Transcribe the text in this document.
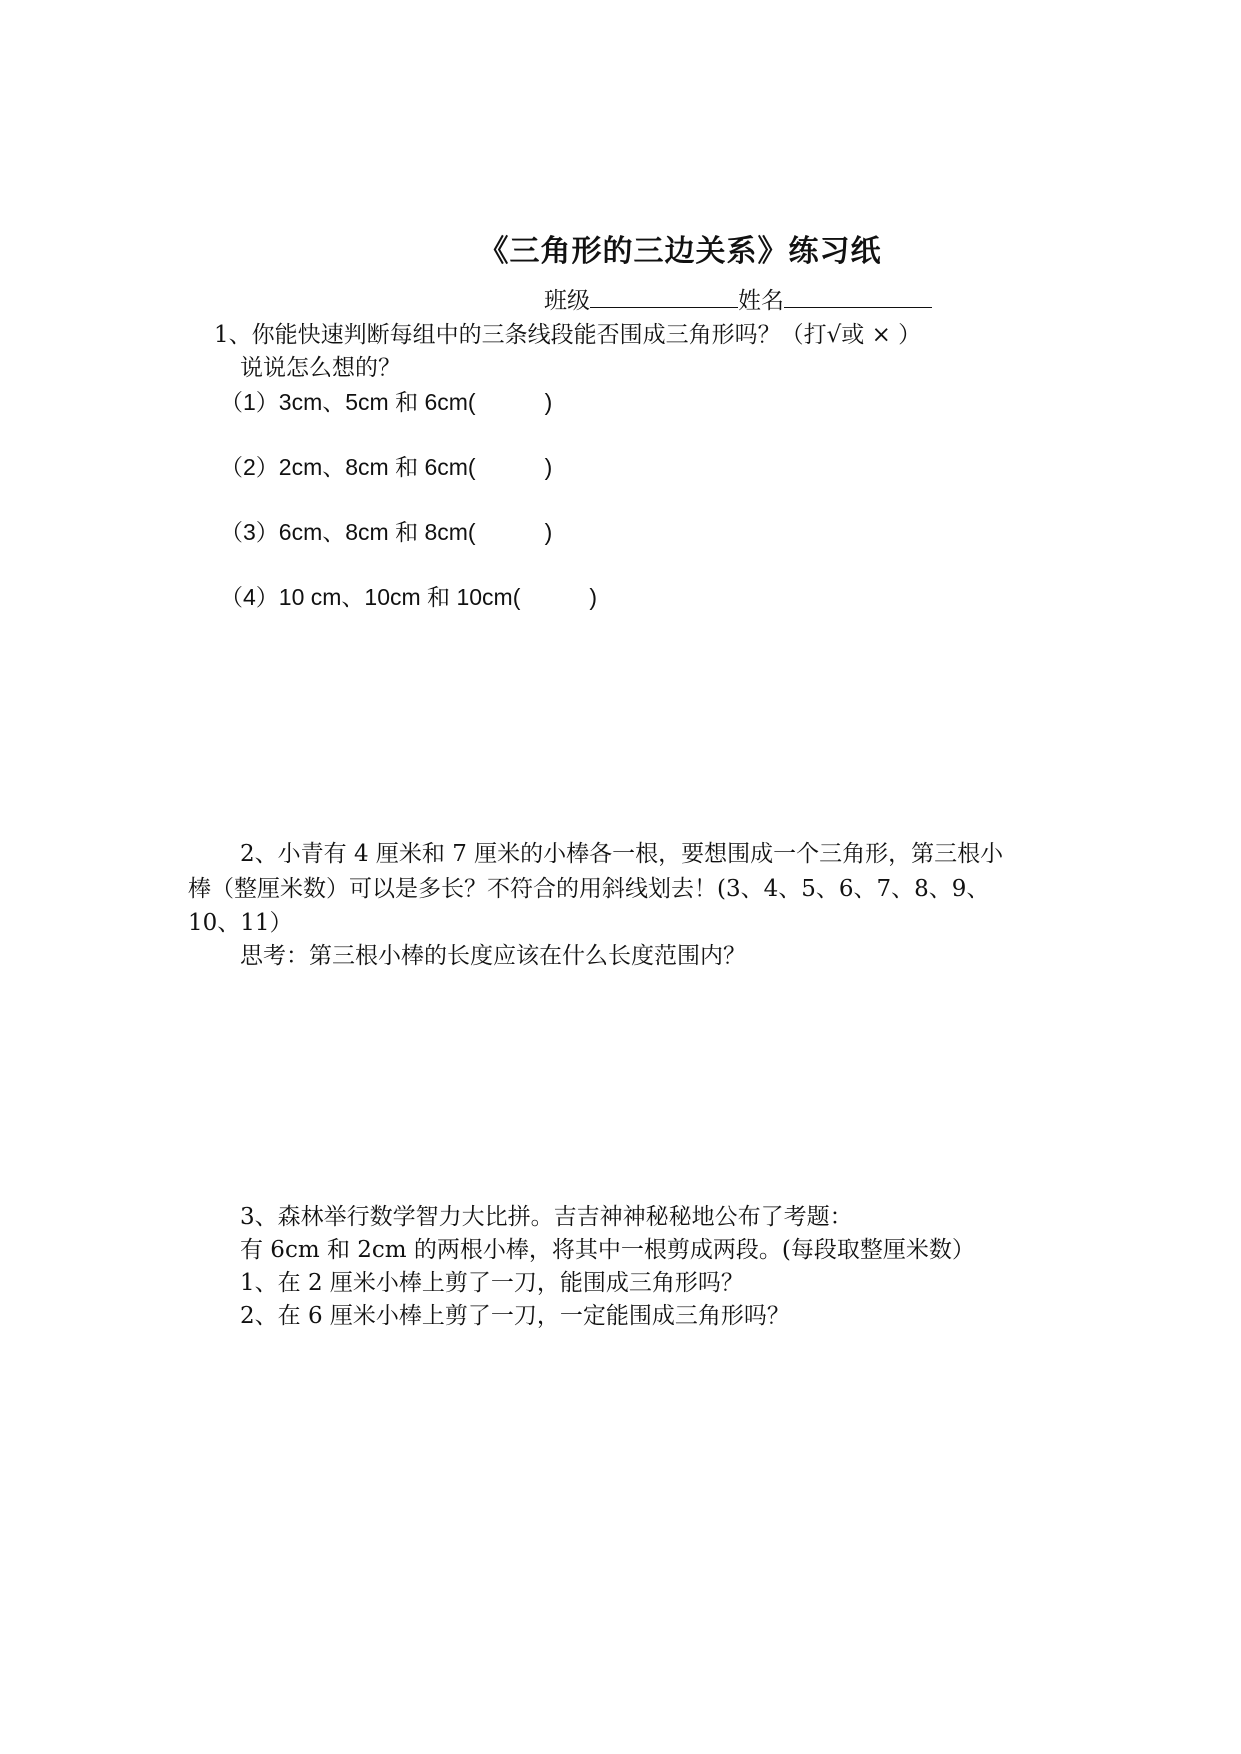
《三角形的三边关系》练习纸
班级	姓名
1、你能快速判断每组中的三条线段能否围成三角形吗？（打√或 × ）
说说怎么想的？
（1）3cm、5cm 和 6cm(　　　)
（2）2cm、8cm 和 6cm(　　　)
（3）6cm、8cm 和 8cm(　　　)
（4）10 cm、10cm 和 10cm(　　　)
2、小青有 4 厘米和 7 厘米的小棒各一根，要想围成一个三角形，第三根小
棒（整厘米数）可以是多长？不符合的用斜线划去！(3、4、5、6、7、8、9、
10、11）
思考：第三根小棒的长度应该在什么长度范围内？
3、森林举行数学智力大比拼。吉吉神神秘秘地公布了考题：
有 6cm 和 2cm 的两根小棒，将其中一根剪成两段。(每段取整厘米数）
1、在 2 厘米小棒上剪了一刀，能围成三角形吗？
2、在 6 厘米小棒上剪了一刀，一定能围成三角形吗？
